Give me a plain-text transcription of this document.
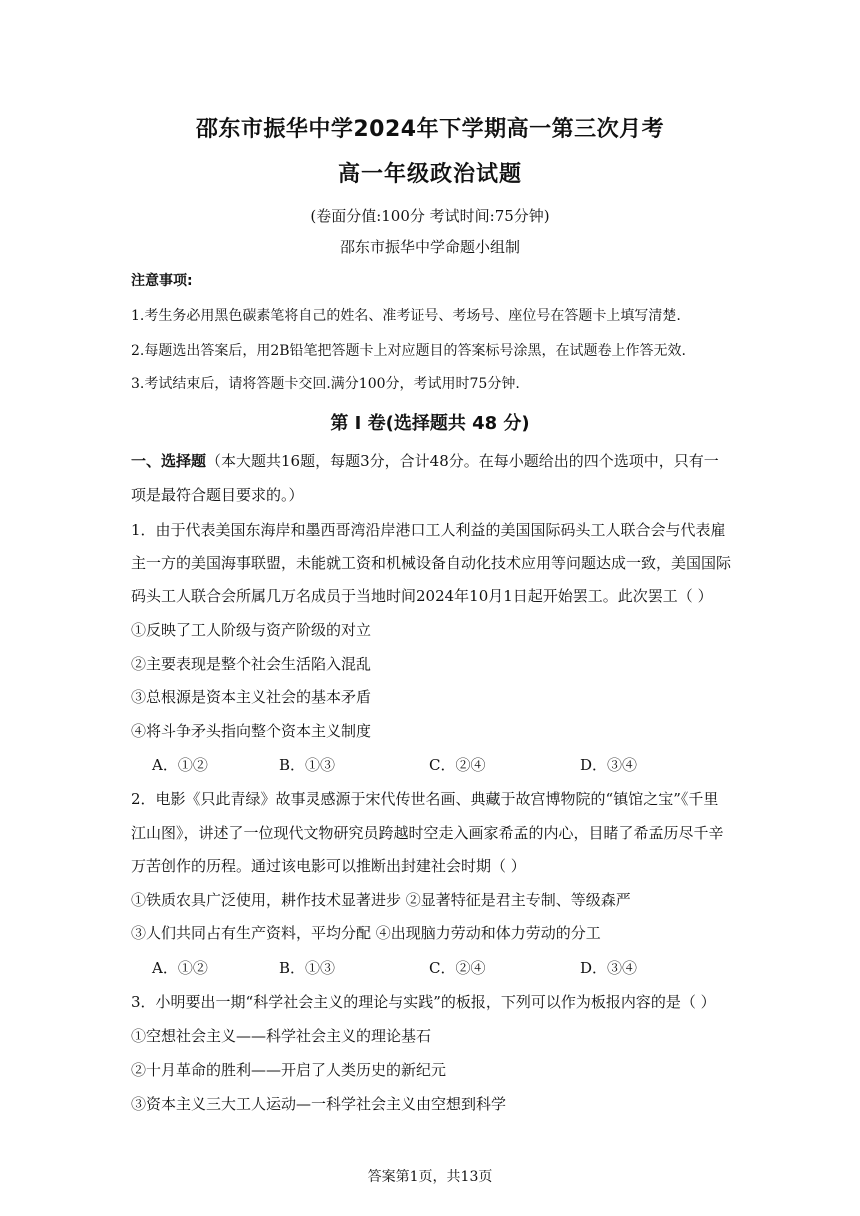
邵东市振华中学2024年下学期高一第三次月考
高一年级政治试题
(卷面分值:100分 考试时间:75分钟)
邵东市振华中学命题小组制
注意事项:
1.考生务必用黑色碳素笔将自己的姓名、准考证号、考场号、座位号在答题卡上填写清楚.
2.每题选出答案后，用2B铅笔把答题卡上对应题目的答案标号涂黑，在试题卷上作答无效.
3.考试结束后，请将答题卡交回.满分100分，考试用时75分钟.
第 I 卷(选择题共 48 分)
一、选择题（本大题共16题，每题3分，合计48分。在每小题给出的四个选项中，只有一
项是最符合题目要求的。）
1．由于代表美国东海岸和墨西哥湾沿岸港口工人利益的美国国际码头工人联合会与代表雇
主一方的美国海事联盟，未能就工资和机械设备自动化技术应用等问题达成一致，美国国际
码头工人联合会所属几万名成员于当地时间2024年10月1日起开始罢工。此次罢工（ ）
①反映了工人阶级与资产阶级的对立
②主要表现是整个社会生活陷入混乱
③总根源是资本主义社会的基本矛盾
④将斗争矛头指向整个资本主义制度
A．①②	B．①③	C．②④	D．③④
2．电影《只此青绿》故事灵感源于宋代传世名画、典藏于故宫博物院的“镇馆之宝”《千里
江山图》，讲述了一位现代文物研究员跨越时空走入画家希孟的内心，目睹了希孟历尽千辛
万苦创作的历程。通过该电影可以推断出封建社会时期（ ）
①铁质农具广泛使用，耕作技术显著进步 ②显著特征是君主专制、等级森严
③人们共同占有生产资料，平均分配 ④出现脑力劳动和体力劳动的分工
A．①②	B．①③	C．②④	D．③④
3．小明要出一期“科学社会主义的理论与实践”的板报，下列可以作为板报内容的是（ ）
①空想社会主义——科学社会主义的理论基石
②十月革命的胜利——开启了人类历史的新纪元
③资本主义三大工人运动—一科学社会主义由空想到科学
答案第1页，共13页
